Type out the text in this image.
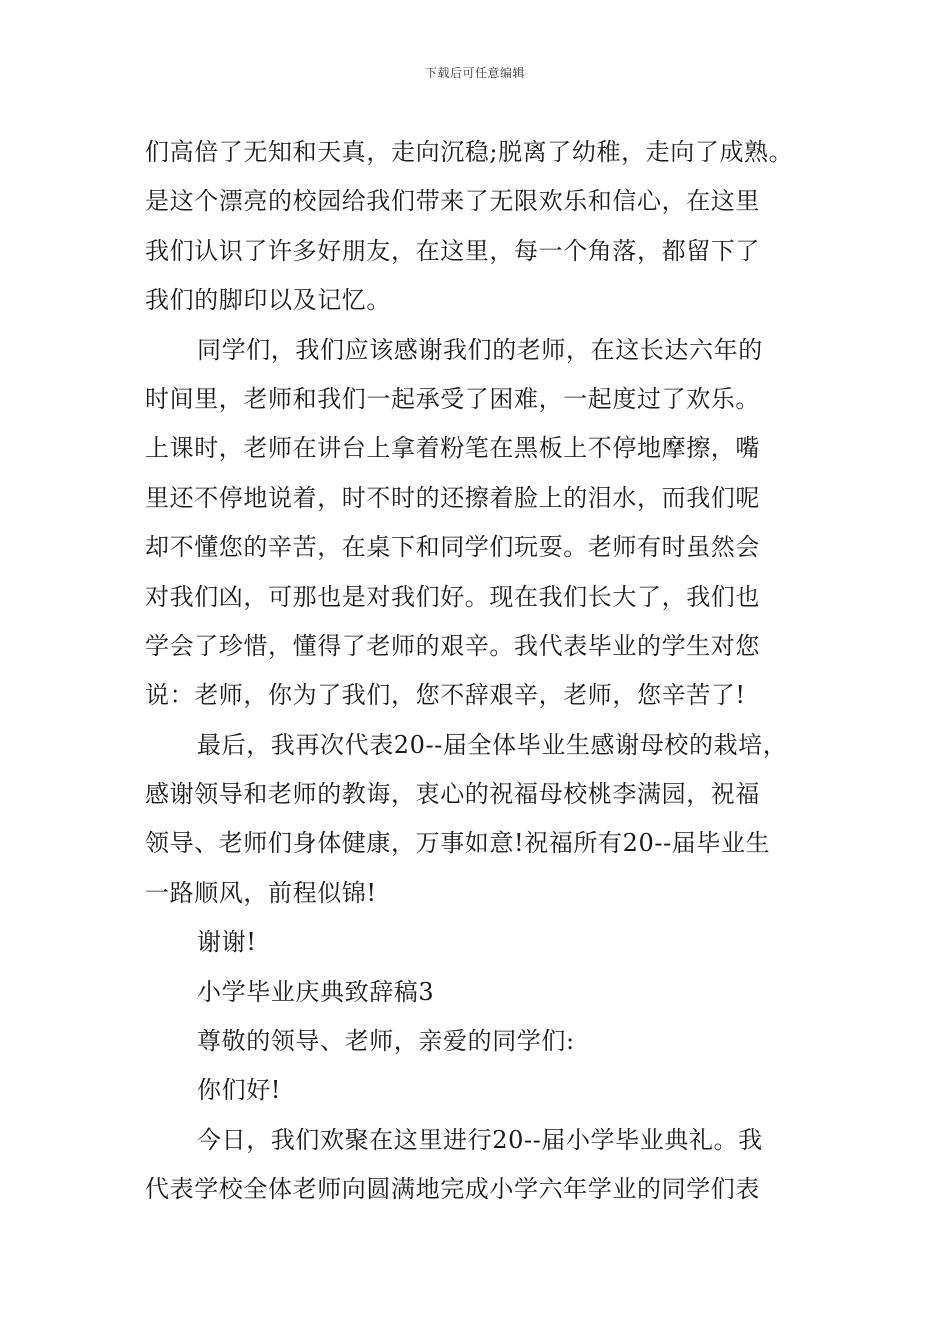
下载后可任意编辑
们高倍了无知和天真，走向沉稳;脱离了幼稚，走向了成熟。
是这个漂亮的校园给我们带来了无限欢乐和信心，在这里
我们认识了许多好朋友，在这里，每一个角落，都留下了
我们的脚印以及记忆。
同学们，我们应该感谢我们的老师，在这长达六年的
时间里，老师和我们一起承受了困难，一起度过了欢乐。
上课时，老师在讲台上拿着粉笔在黑板上不停地摩擦，嘴
里还不停地说着，时不时的还擦着脸上的泪水，而我们呢
却不懂您的辛苦，在桌下和同学们玩耍。老师有时虽然会
对我们凶，可那也是对我们好。现在我们长大了，我们也
学会了珍惜，懂得了老师的艰辛。我代表毕业的学生对您
说：老师，你为了我们，您不辞艰辛，老师，您辛苦了!
最后，我再次代表20--届全体毕业生感谢母校的栽培，
感谢领导和老师的教诲，衷心的祝福母校桃李满园，祝福
领导、老师们身体健康，万事如意!祝福所有20--届毕业生
一路顺风，前程似锦!
谢谢!
小学毕业庆典致辞稿3
尊敬的领导、老师，亲爱的同学们:
你们好!
今日，我们欢聚在这里进行20--届小学毕业典礼。我
代表学校全体老师向圆满地完成小学六年学业的同学们表
